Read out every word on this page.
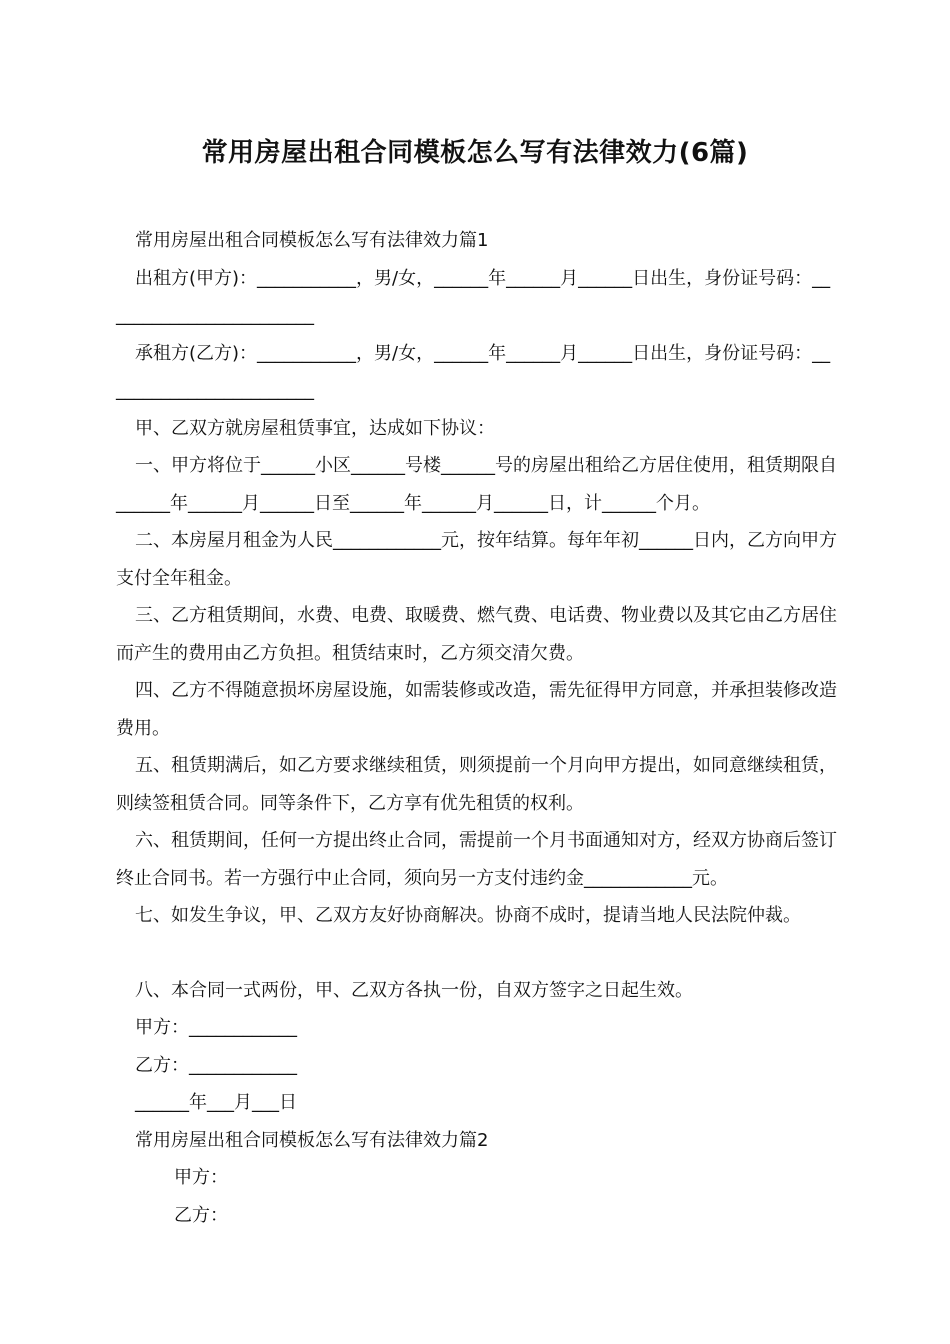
常用房屋出租合同模板怎么写有法律效力(6篇)

常用房屋出租合同模板怎么写有法律效力篇1

出租方(甲方)：___________，男/女，______年______月______日出生，身份证号码：________________________

承租方(乙方)：___________，男/女，______年______月______日出生，身份证号码：________________________

甲、乙双方就房屋租赁事宜，达成如下协议：

一、甲方将位于______小区______号楼______号的房屋出租给乙方居住使用，租赁期限自______年______月______日至______年______月______日，计______个月。

二、本房屋月租金为人民____________元，按年结算。每年年初______日内，乙方向甲方支付全年租金。

三、乙方租赁期间，水费、电费、取暖费、燃气费、电话费、物业费以及其它由乙方居住而产生的费用由乙方负担。租赁结束时，乙方须交清欠费。

四、乙方不得随意损坏房屋设施，如需装修或改造，需先征得甲方同意，并承担装修改造费用。

五、租赁期满后，如乙方要求继续租赁，则须提前一个月向甲方提出，如同意继续租赁，则续签租赁合同。同等条件下，乙方享有优先租赁的权利。

六、租赁期间，任何一方提出终止合同，需提前一个月书面通知对方，经双方协商后签订终止合同书。若一方强行中止合同，须向另一方支付违约金____________元。

七、如发生争议，甲、乙双方友好协商解决。协商不成时，提请当地人民法院仲裁。

八、本合同一式两份，甲、乙双方各执一份，自双方签字之日起生效。

甲方：____________

乙方：____________

______年___月___日

常用房屋出租合同模板怎么写有法律效力篇2

甲方：

乙方：
